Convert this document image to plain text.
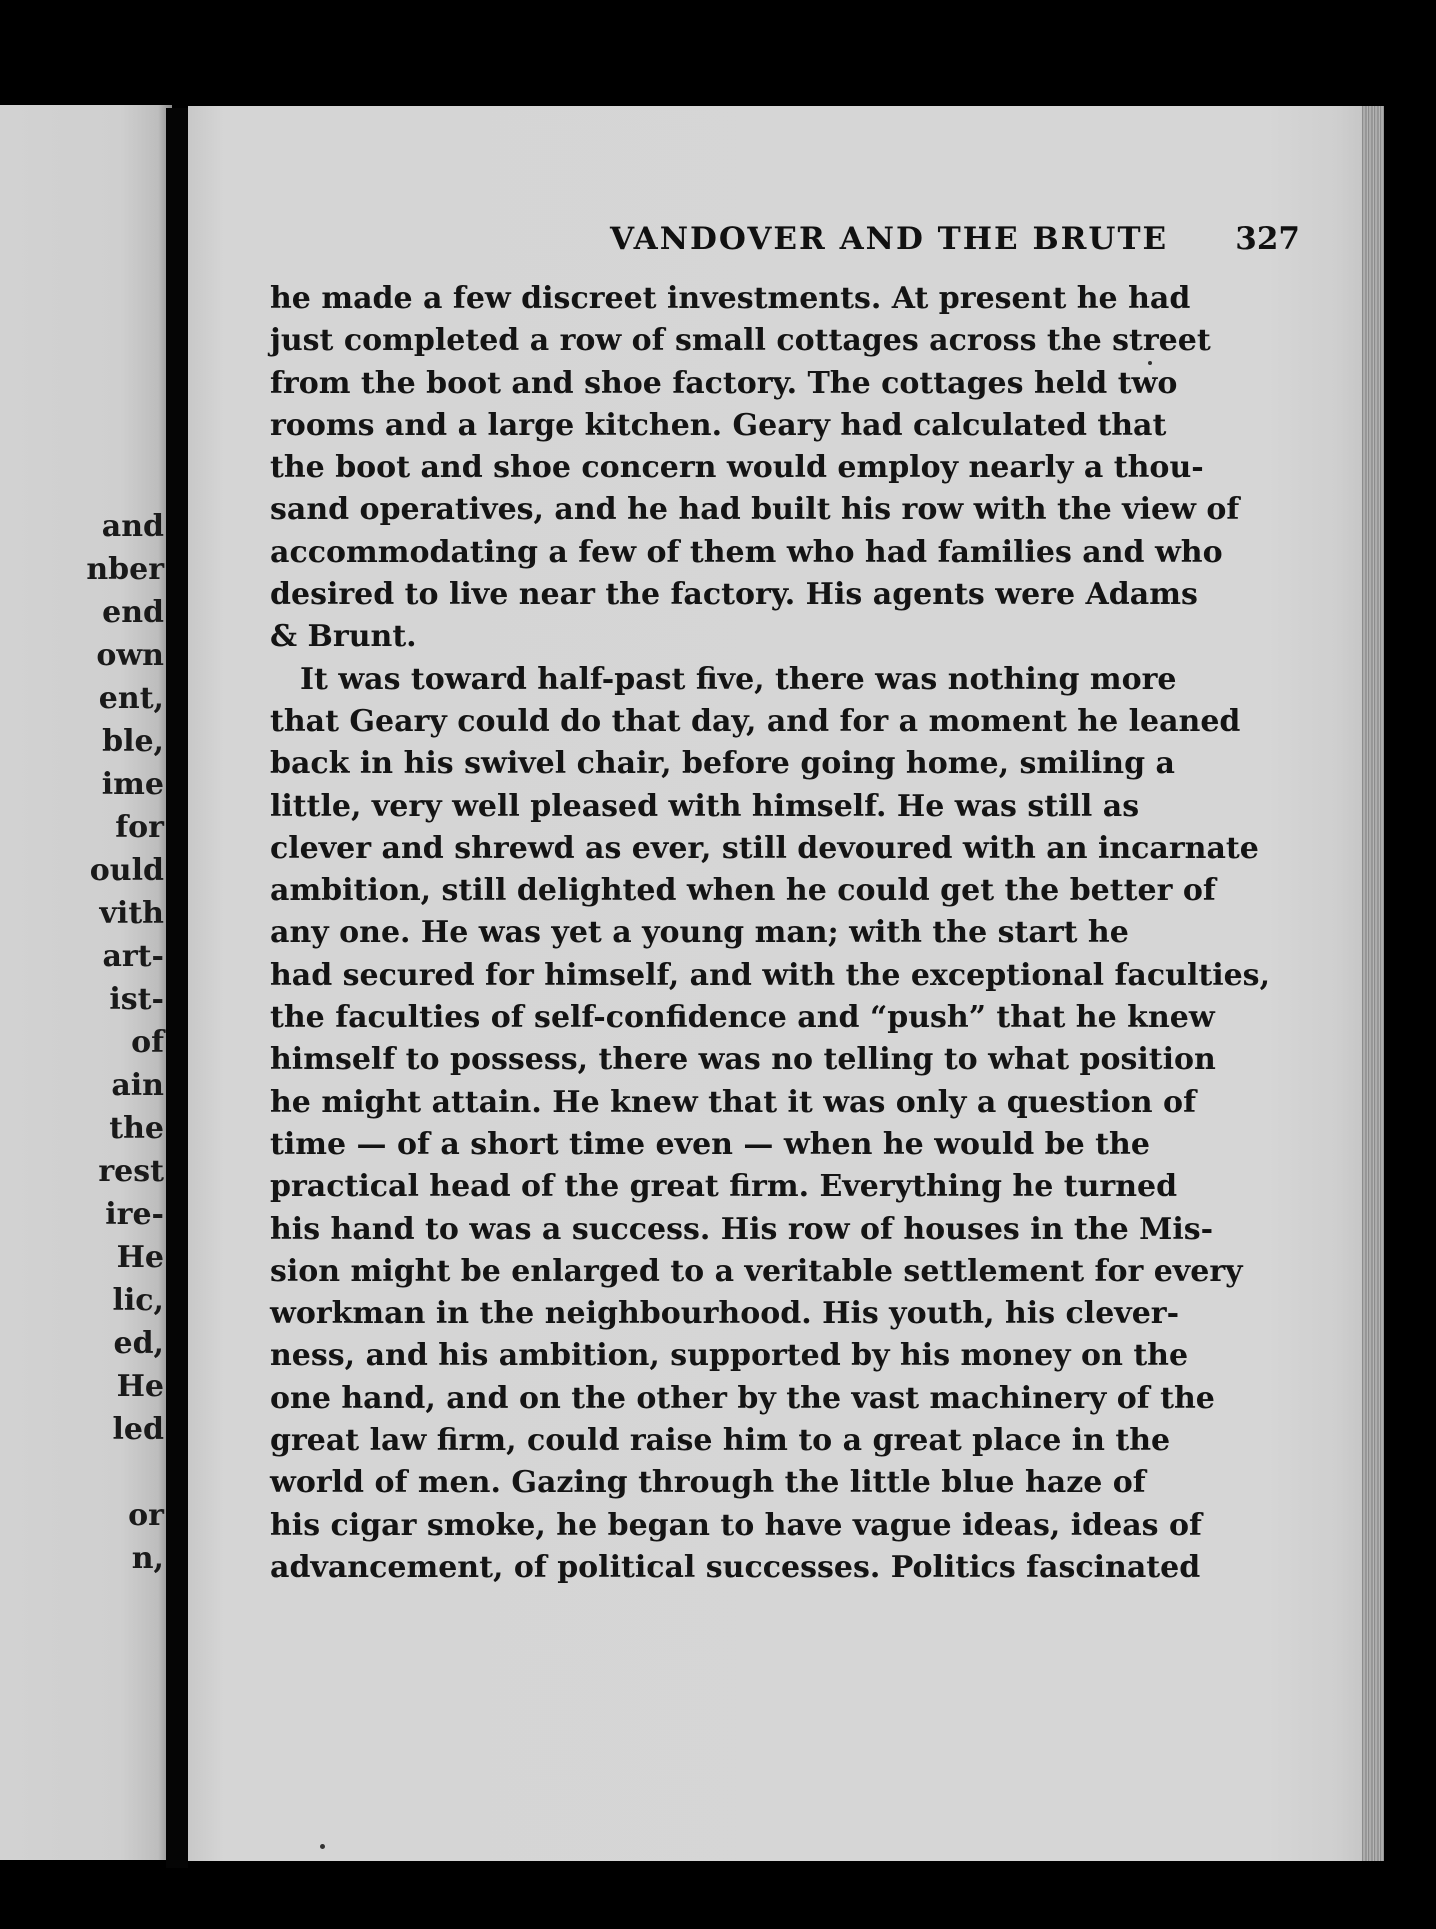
and
nber
end
own
ent,
ble,
ime
for
ould
vith
art-
ist-
of
ain
the
rest
ire-
He
lic,
ed,
He
led
or
n,
VANDOVER AND THE BRUTE 327
he made a few discreet investments. At present he had
just completed a row of small cottages across the street
from the boot and shoe factory. The cottages held two
rooms and a large kitchen. Geary had calculated that
the boot and shoe concern would employ nearly a thou-
sand operatives, and he had built his row with the view of
accommodating a few of them who had families and who
desired to live near the factory. His agents were Adams
& Brunt.
It was toward half-past five, there was nothing more
that Geary could do that day, and for a moment he leaned
back in his swivel chair, before going home, smiling a
little, very well pleased with himself. He was still as
clever and shrewd as ever, still devoured with an incarnate
ambition, still delighted when he could get the better of
any one. He was yet a young man; with the start he
had secured for himself, and with the exceptional faculties,
the faculties of self-confidence and “push” that he knew
himself to possess, there was no telling to what position
he might attain. He knew that it was only a question of
time — of a short time even — when he would be the
practical head of the great firm. Everything he turned
his hand to was a success. His row of houses in the Mis-
sion might be enlarged to a veritable settlement for every
workman in the neighbourhood. His youth, his clever-
ness, and his ambition, supported by his money on the
one hand, and on the other by the vast machinery of the
great law firm, could raise him to a great place in the
world of men. Gazing through the little blue haze of
his cigar smoke, he began to have vague ideas, ideas of
advancement, of political successes. Politics fascinated
